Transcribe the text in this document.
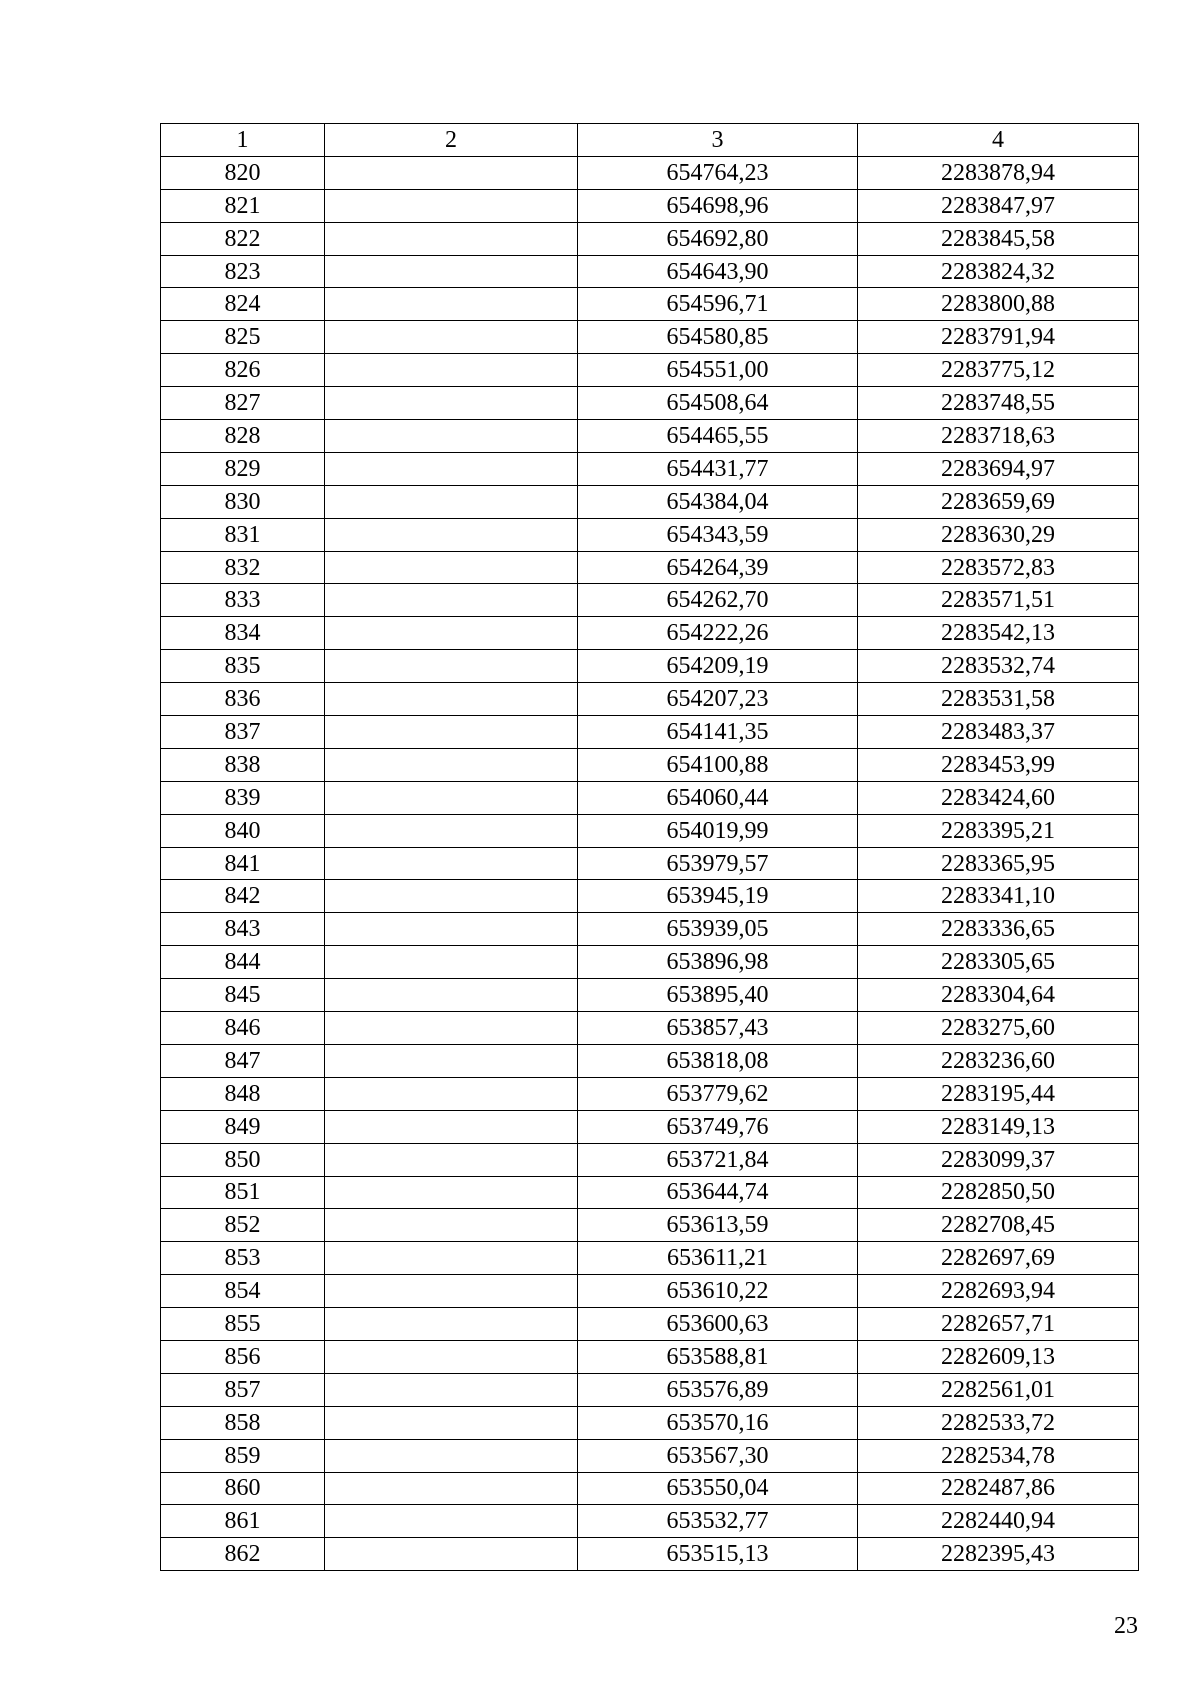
1	2	3	4
820		654764,23	2283878,94
821		654698,96	2283847,97
822		654692,80	2283845,58
823		654643,90	2283824,32
824		654596,71	2283800,88
825		654580,85	2283791,94
826		654551,00	2283775,12
827		654508,64	2283748,55
828		654465,55	2283718,63
829		654431,77	2283694,97
830		654384,04	2283659,69
831		654343,59	2283630,29
832		654264,39	2283572,83
833		654262,70	2283571,51
834		654222,26	2283542,13
835		654209,19	2283532,74
836		654207,23	2283531,58
837		654141,35	2283483,37
838		654100,88	2283453,99
839		654060,44	2283424,60
840		654019,99	2283395,21
841		653979,57	2283365,95
842		653945,19	2283341,10
843		653939,05	2283336,65
844		653896,98	2283305,65
845		653895,40	2283304,64
846		653857,43	2283275,60
847		653818,08	2283236,60
848		653779,62	2283195,44
849		653749,76	2283149,13
850		653721,84	2283099,37
851		653644,74	2282850,50
852		653613,59	2282708,45
853		653611,21	2282697,69
854		653610,22	2282693,94
855		653600,63	2282657,71
856		653588,81	2282609,13
857		653576,89	2282561,01
858		653570,16	2282533,72
859		653567,30	2282534,78
860		653550,04	2282487,86
861		653532,77	2282440,94
862		653515,13	2282395,43
23
